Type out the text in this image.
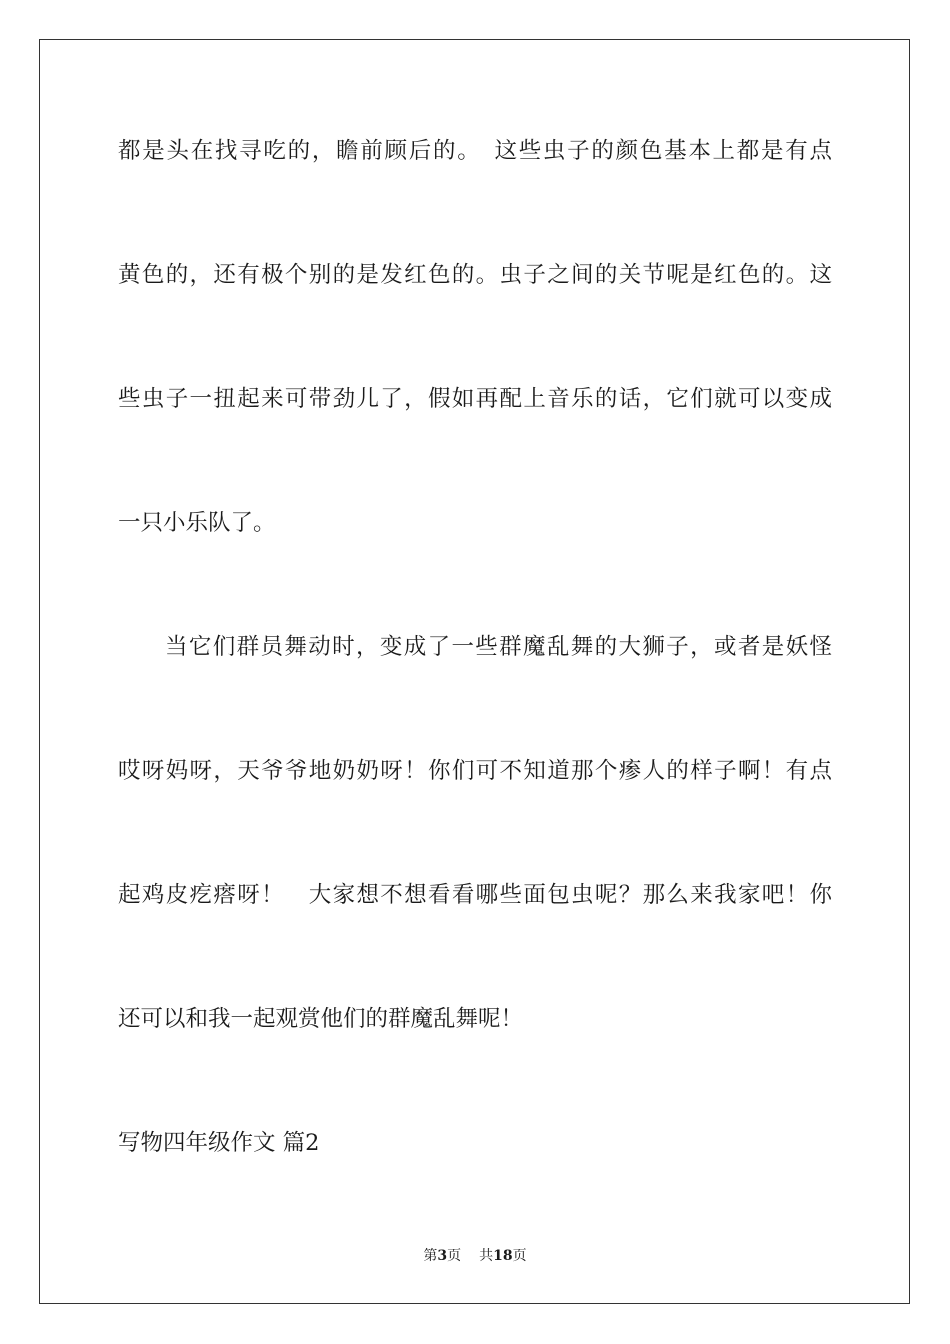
都是头在找寻吃的，瞻前顾后的。　这些虫子的颜色基本上都是有点
黄色的，还有极个别的是发红色的。虫子之间的关节呢是红色的。这
些虫子一扭起来可带劲儿了，假如再配上音乐的话，它们就可以变成
一只小乐队了。
当它们群员舞动时，变成了一些群魔乱舞的大狮子，或者是妖怪
哎呀妈呀，天爷爷地奶奶呀！你们可不知道那个瘆人的样子啊！有点
起鸡皮疙瘩呀！　大家想不想看看哪些面包虫呢？那么来我家吧！你
还可以和我一起观赏他们的群魔乱舞呢！
写物四年级作文 篇2
第3页 共18页
